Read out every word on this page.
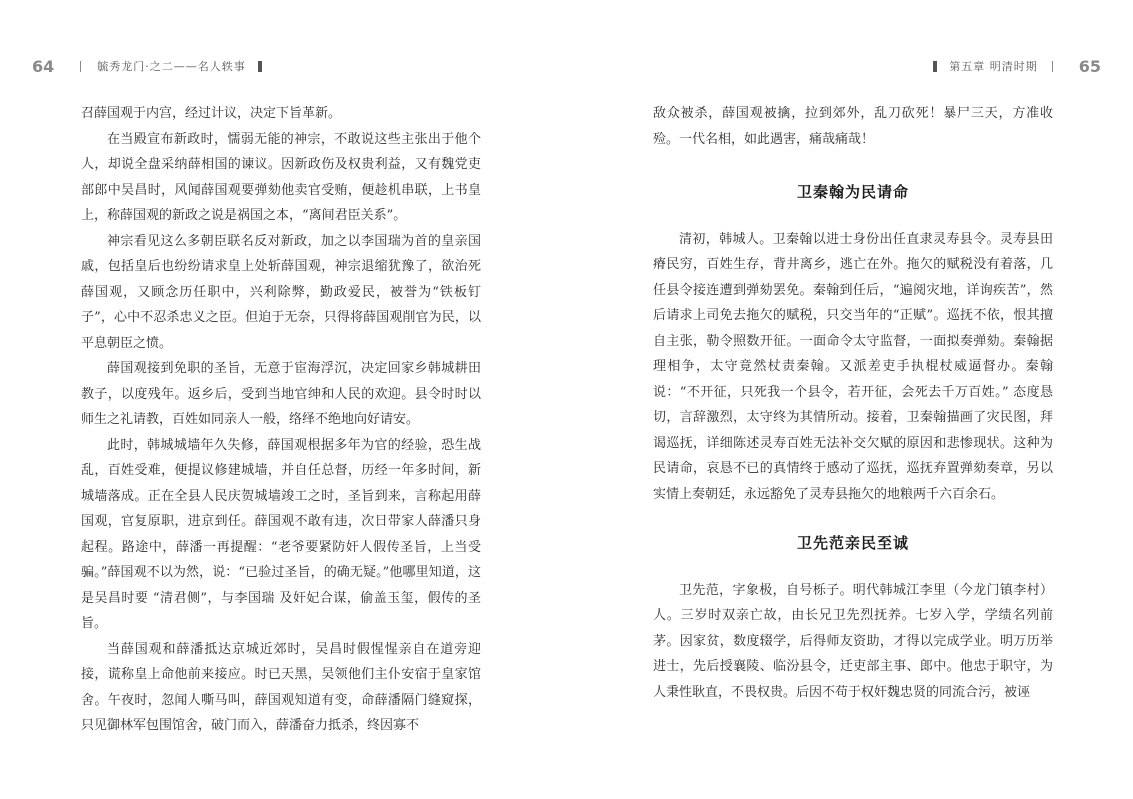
64	毓秀龙门·之二——名人轶事

召薛国观于内宫，经过计议，决定下旨革新。

在当殿宣布新政时，懦弱无能的神宗，不敢说这些主张出于他个人，却说全盘采纳薛相国的谏议。因新政伤及权贵利益，又有魏党吏部郎中吴昌时，风闻薛国观要弹劾他卖官受贿，便趁机串联，上书皇上，称薛国观的新政之说是祸国之本，“离间君臣关系”。

神宗看见这么多朝臣联名反对新政，加之以李国瑞为首的皇亲国戚，包括皇后也纷纷请求皇上处斩薛国观，神宗退缩犹豫了，欲治死薛国观，又顾念历任职中，兴利除弊，勤政爱民，被誉为“铁板钉子”，心中不忍杀忠义之臣。但迫于无奈，只得将薛国观削官为民，以平息朝臣之愤。

薛国观接到免职的圣旨，无意于宦海浮沉，决定回家乡韩城耕田教子，以度残年。返乡后，受到当地官绅和人民的欢迎。县令时时以师生之礼请教，百姓如同亲人一般，络绎不绝地向好请安。

此时，韩城城墙年久失修，薛国观根据多年为官的经验，恐生战乱，百姓受难，便提议修建城墙，并自任总督，历经一年多时间，新城墙落成。正在全县人民庆贺城墙竣工之时，圣旨到来，言称起用薛国观，官复原职，进京到任。薛国观不敢有违，次日带家人薛潘只身起程。路途中，薛潘一再提醒：“老爷要紧防奸人假传圣旨，上当受骗。”薛国观不以为然，说：“已验过圣旨，的确无疑。”他哪里知道，这是吴昌时要 “清君侧”，与李国瑞 及奸妃合谋，偷盖玉玺，假传的圣旨。

当薛国观和薛潘抵达京城近郊时，吴昌时假惺惺亲自在道旁迎接，谎称皇上命他前来接应。时已天黑，吴领他们主仆安宿于皇家馆舍。午夜时，忽闻人嘶马叫，薛国观知道有变，命薛潘隔门缝窥探，只见御林军包围馆舍，破门而入，薛潘奋力抵杀，终因寡不

第五章 明清时期	65

敌众被杀，薛国观被擒，拉到郊外，乱刀砍死！暴尸三天，方准收殓。一代名相，如此遇害，痛哉痛哉！

卫秦翰为民请命

清初，韩城人。卫秦翰以进士身份出任直隶灵寿县令。灵寿县田瘠民穷，百姓生存，背井离乡，逃亡在外。拖欠的赋税没有着落，几任县令接连遭到弹劾罢免。秦翰到任后，“遍阅灾地，详询疾苦”，然后请求上司免去拖欠的赋税，只交当年的“正赋”。巡抚不依，恨其擅自主张，勒令照数开征。一面命令太守监督，一面拟奏弹劾。秦翰据理相争，太守竟然杖责秦翰。又派差吏手执棍杖威逼督办。秦翰说：“不开征，只死我一个县令，若开征，会死去千万百姓。” 态度恳切，言辞激烈，太守终为其情所动。接着，卫秦翰描画了灾民图，拜谒巡抚，详细陈述灵寿百姓无法补交欠赋的原因和悲惨现状。这种为民请命，哀恳不已的真情终于感动了巡抚，巡抚弃置弹劾奏章，另以实情上奏朝廷，永远豁免了灵寿县拖欠的地粮两千六百余石。

卫先范亲民至诚

卫先范，字象极，自号栎子。明代韩城江李里（今龙门镇李村）人。三岁时双亲亡故，由长兄卫先烈抚养。七岁入学，学绩名列前茅。因家贫，数度辍学，后得师友资助，才得以完成学业。明万历举进士，先后授襄陵、临汾县令，迁吏部主事、郎中。他忠于职守，为人秉性耿直，不畏权贵。后因不苟于权奸魏忠贤的同流合污，被诬
